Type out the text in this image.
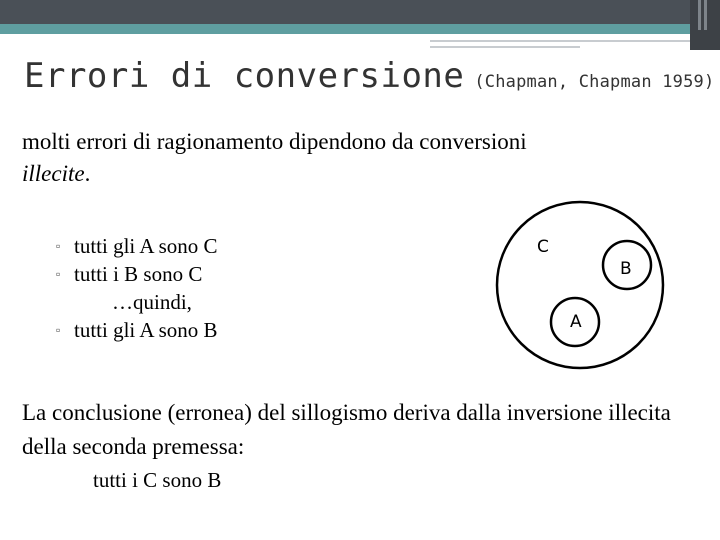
Errori di conversione (Chapman, Chapman 1959)
molti errori di ragionamento dipendono da conversioni illecite.
▫ tutti gli A sono C
▫ tutti i B sono C
…quindi,
▫ tutti gli A sono B
C
B
A
La conclusione (erronea) del sillogismo deriva dalla inversione illecita della seconda premessa:
tutti i C sono B
